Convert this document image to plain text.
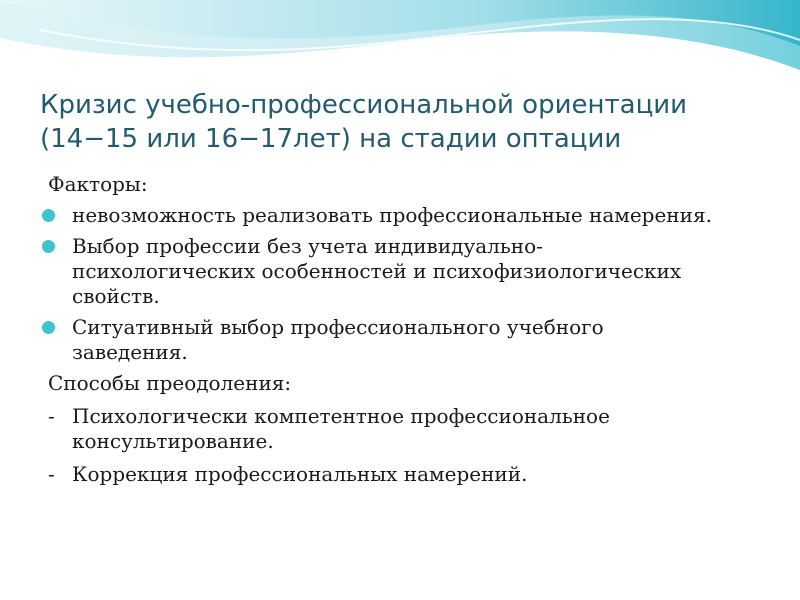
Кризис учебно-профессиональной ориентации
(14−15 или 16−17лет) на стадии оптации

Факторы:

невозможность реализовать профессиональные намерения.
Выбор профессии без учета индивидуально-психологических особенностей и психофизиологических свойств.
Ситуативный выбор профессионального учебного заведения.

Способы преодоления:

- Психологически компетентное профессиональное консультирование.

- Коррекция профессиональных намерений.
